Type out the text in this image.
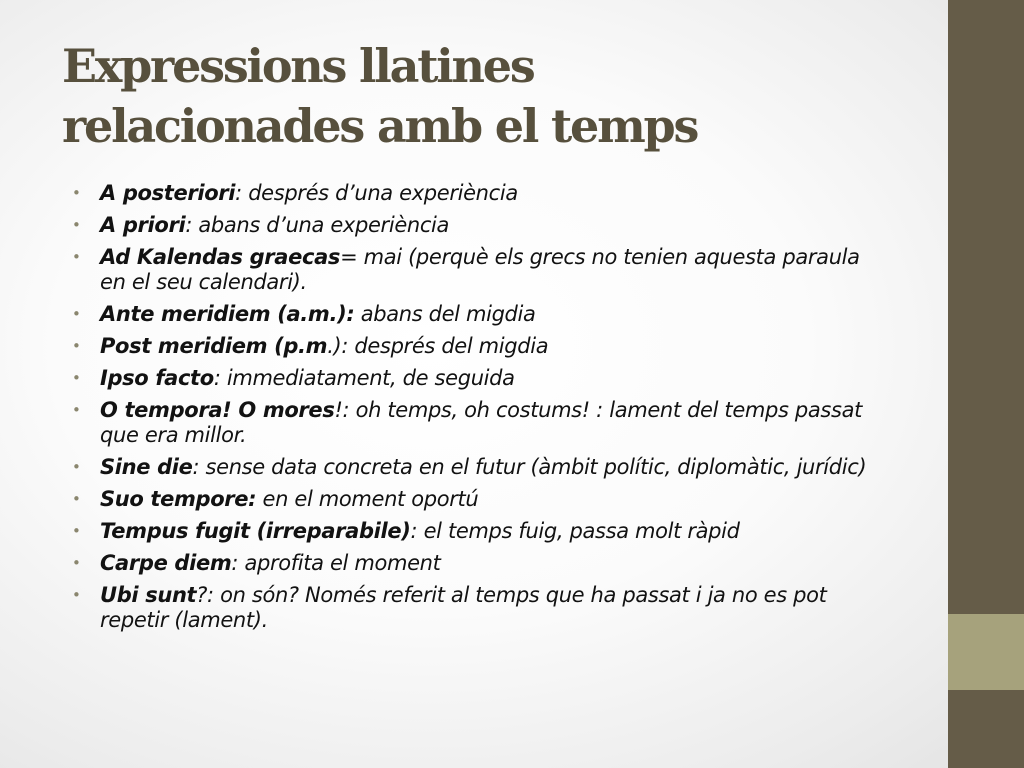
Expressions llatines
relacionades amb el temps
• A posteriori: després d’una experiència
• A priori: abans d’una experiència
• Ad Kalendas graecas= mai (perquè els grecs no tenien aquesta paraula en el seu calendari).
• Ante meridiem (a.m.): abans del migdia
• Post meridiem (p.m.): després del migdia
• Ipso facto: immediatament, de seguida
• O tempora! O mores!: oh temps, oh costums! : lament del temps passat que era millor.
• Sine die: sense data concreta en el futur (àmbit polític, diplomàtic, jurídic)
• Suo tempore: en el moment oportú
• Tempus fugit (irreparabile): el temps fuig, passa molt ràpid
• Carpe diem: aprofita el moment
• Ubi sunt?: on són? Només referit al temps que ha passat i ja no es pot repetir (lament).
